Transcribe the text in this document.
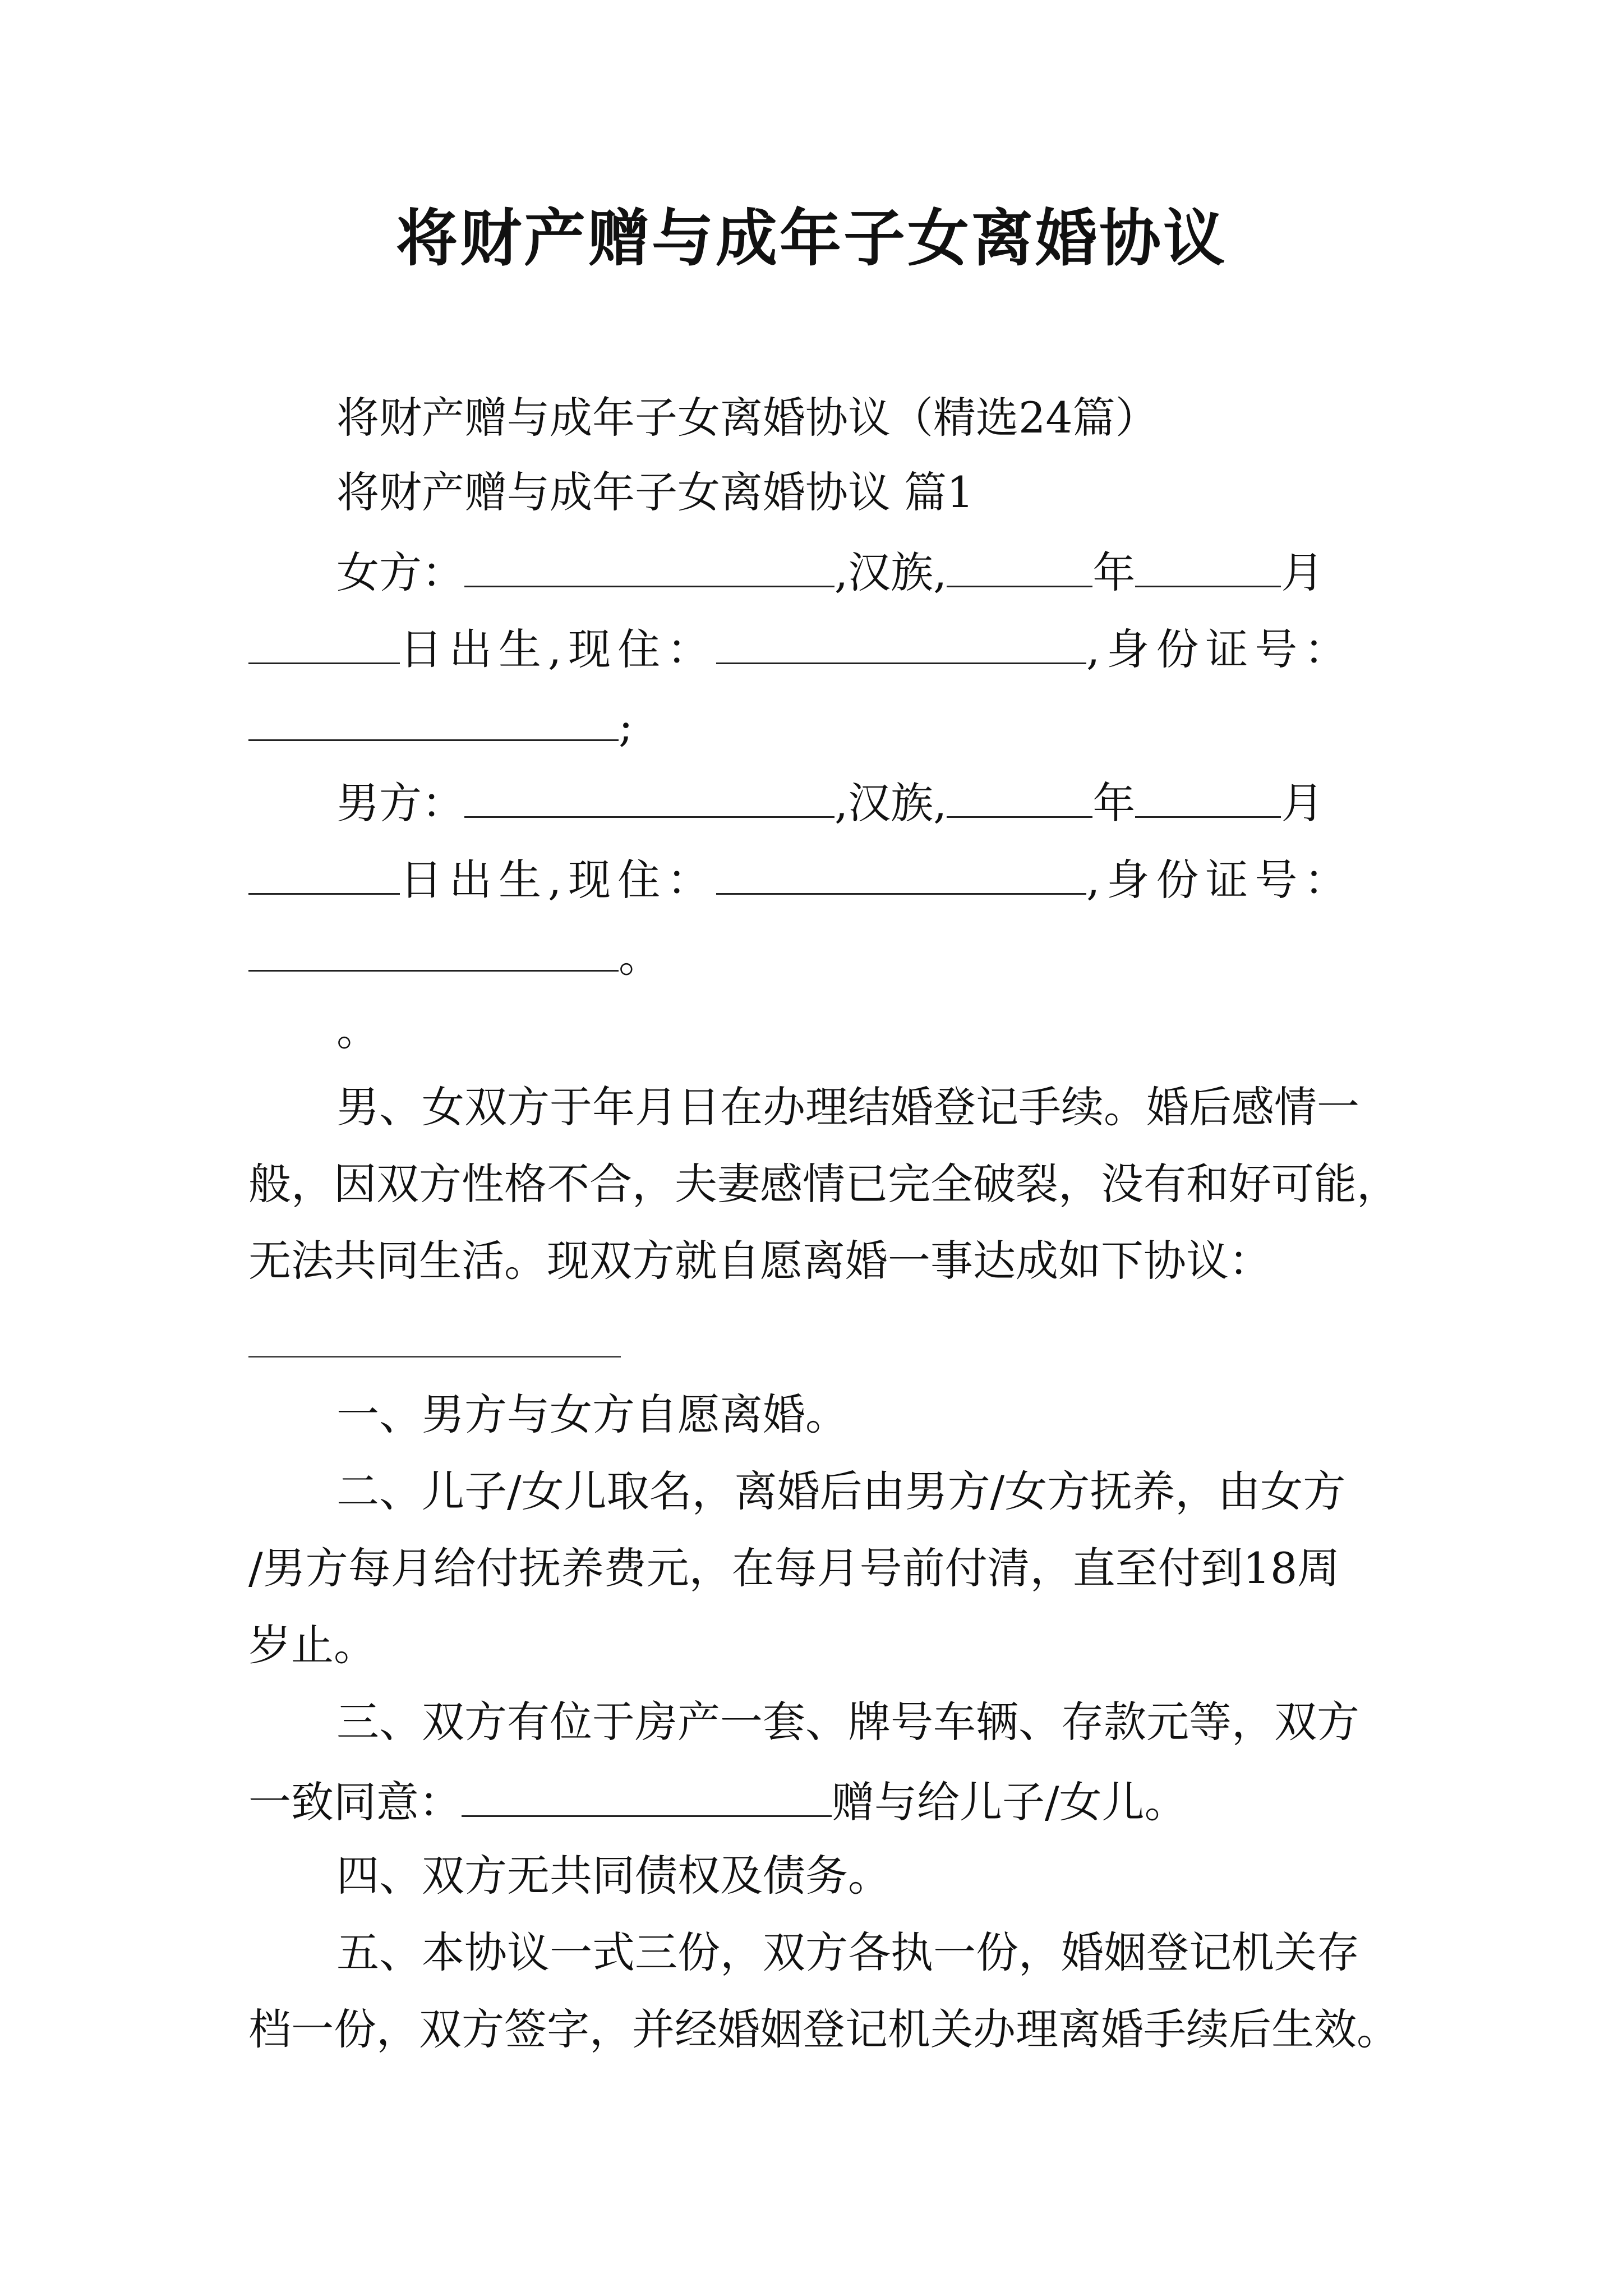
将财产赠与成年子女离婚协议
将财产赠与成年子女离婚协议（精选24篇）
将财产赠与成年子女离婚协议 篇1
女方：	,汉族,	年	月
日出生,现住：	,身份证号：
;
男方：	,汉族,	年	月
日出生,现住：	,身份证号：
。
。
男、女双方于年月日在办理结婚登记手续。婚后感情一
般，因双方性格不合，夫妻感情已完全破裂，没有和好可能，
无法共同生活。现双方就自愿离婚一事达成如下协议：
一、男方与女方自愿离婚。
二、儿子/女儿取名，离婚后由男方/女方抚养，由女方
/男方每月给付抚养费元，在每月号前付清，直至付到18周
岁止。
三、双方有位于房产一套、牌号车辆、存款元等，双方
一致同意：	赠与给儿子/女儿。
四、双方无共同债权及债务。
五、本协议一式三份，双方各执一份，婚姻登记机关存
档一份，双方签字，并经婚姻登记机关办理离婚手续后生效。
